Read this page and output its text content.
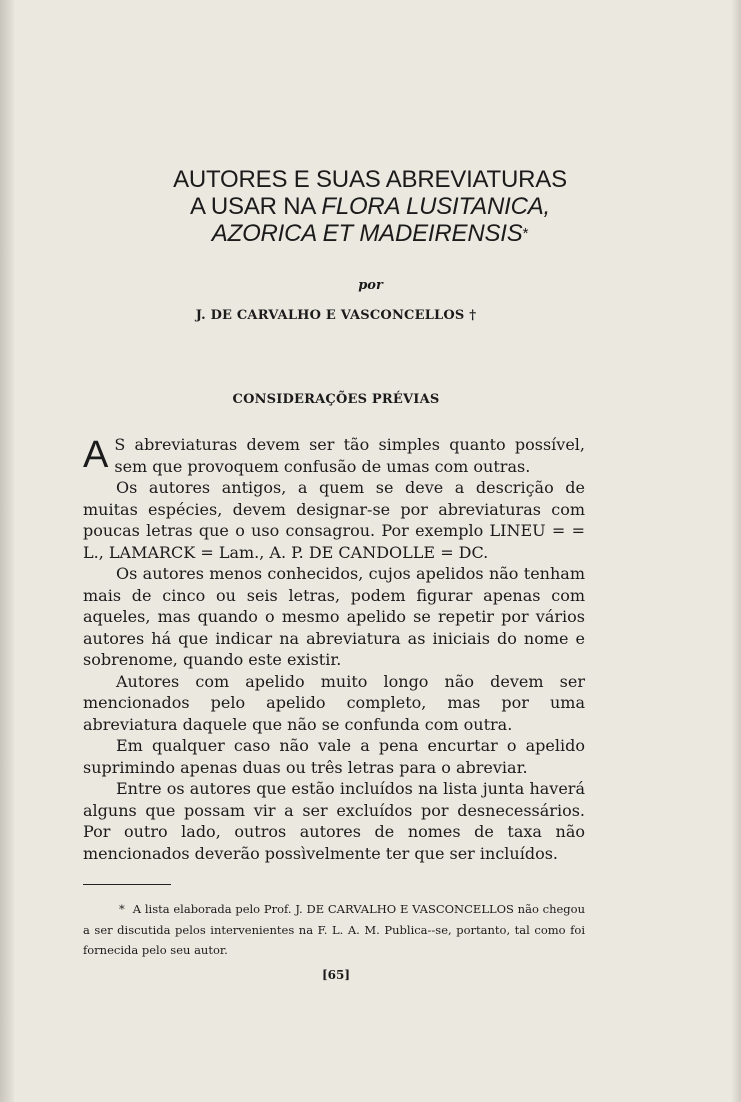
AUTORES E SUAS ABREVIATURAS
A USAR NA FLORA LUSITANICA,
AZORICA ET MADEIRENSIS*
por
J. DE CARVALHO E VASCONCELLOS †
CONSIDERAÇÕES PRÉVIAS

A S abreviaturas devem ser tão simples quanto possível, sem que provoquem confusão de umas com outras.

Os autores antigos, a quem se deve a descrição de muitas espécies, devem designar-se por abreviaturas com poucas letras que o uso consagrou. Por exemplo LINEU = = L., LAMARCK = Lam., A. P. DE CANDOLLE = DC.

Os autores menos conhecidos, cujos apelidos não tenham mais de cinco ou seis letras, podem figurar apenas com aqueles, mas quando o mesmo apelido se repetir por vários autores há que indicar na abreviatura as iniciais do nome e sobrenome, quando este existir.

Autores com apelido muito longo não devem ser mencionados pelo apelido completo, mas por uma abreviatura daquele que não se confunda com outra.

Em qualquer caso não vale a pena encurtar o apelido suprimindo apenas duas ou três letras para o abreviar.

Entre os autores que estão incluídos na lista junta haverá alguns que possam vir a ser excluídos por desnecessários. Por outro lado, outros autores de nomes de taxa não mencionados deverão possìvelmente ter que ser incluídos.

* A lista elaborada pelo Prof. J. DE CARVALHO E VASCONCELLOS não chegou a ser discutida pelos intervenientes na F. L. A. M. Publica--se, portanto, tal como foi fornecida pelo seu autor.
[65]
